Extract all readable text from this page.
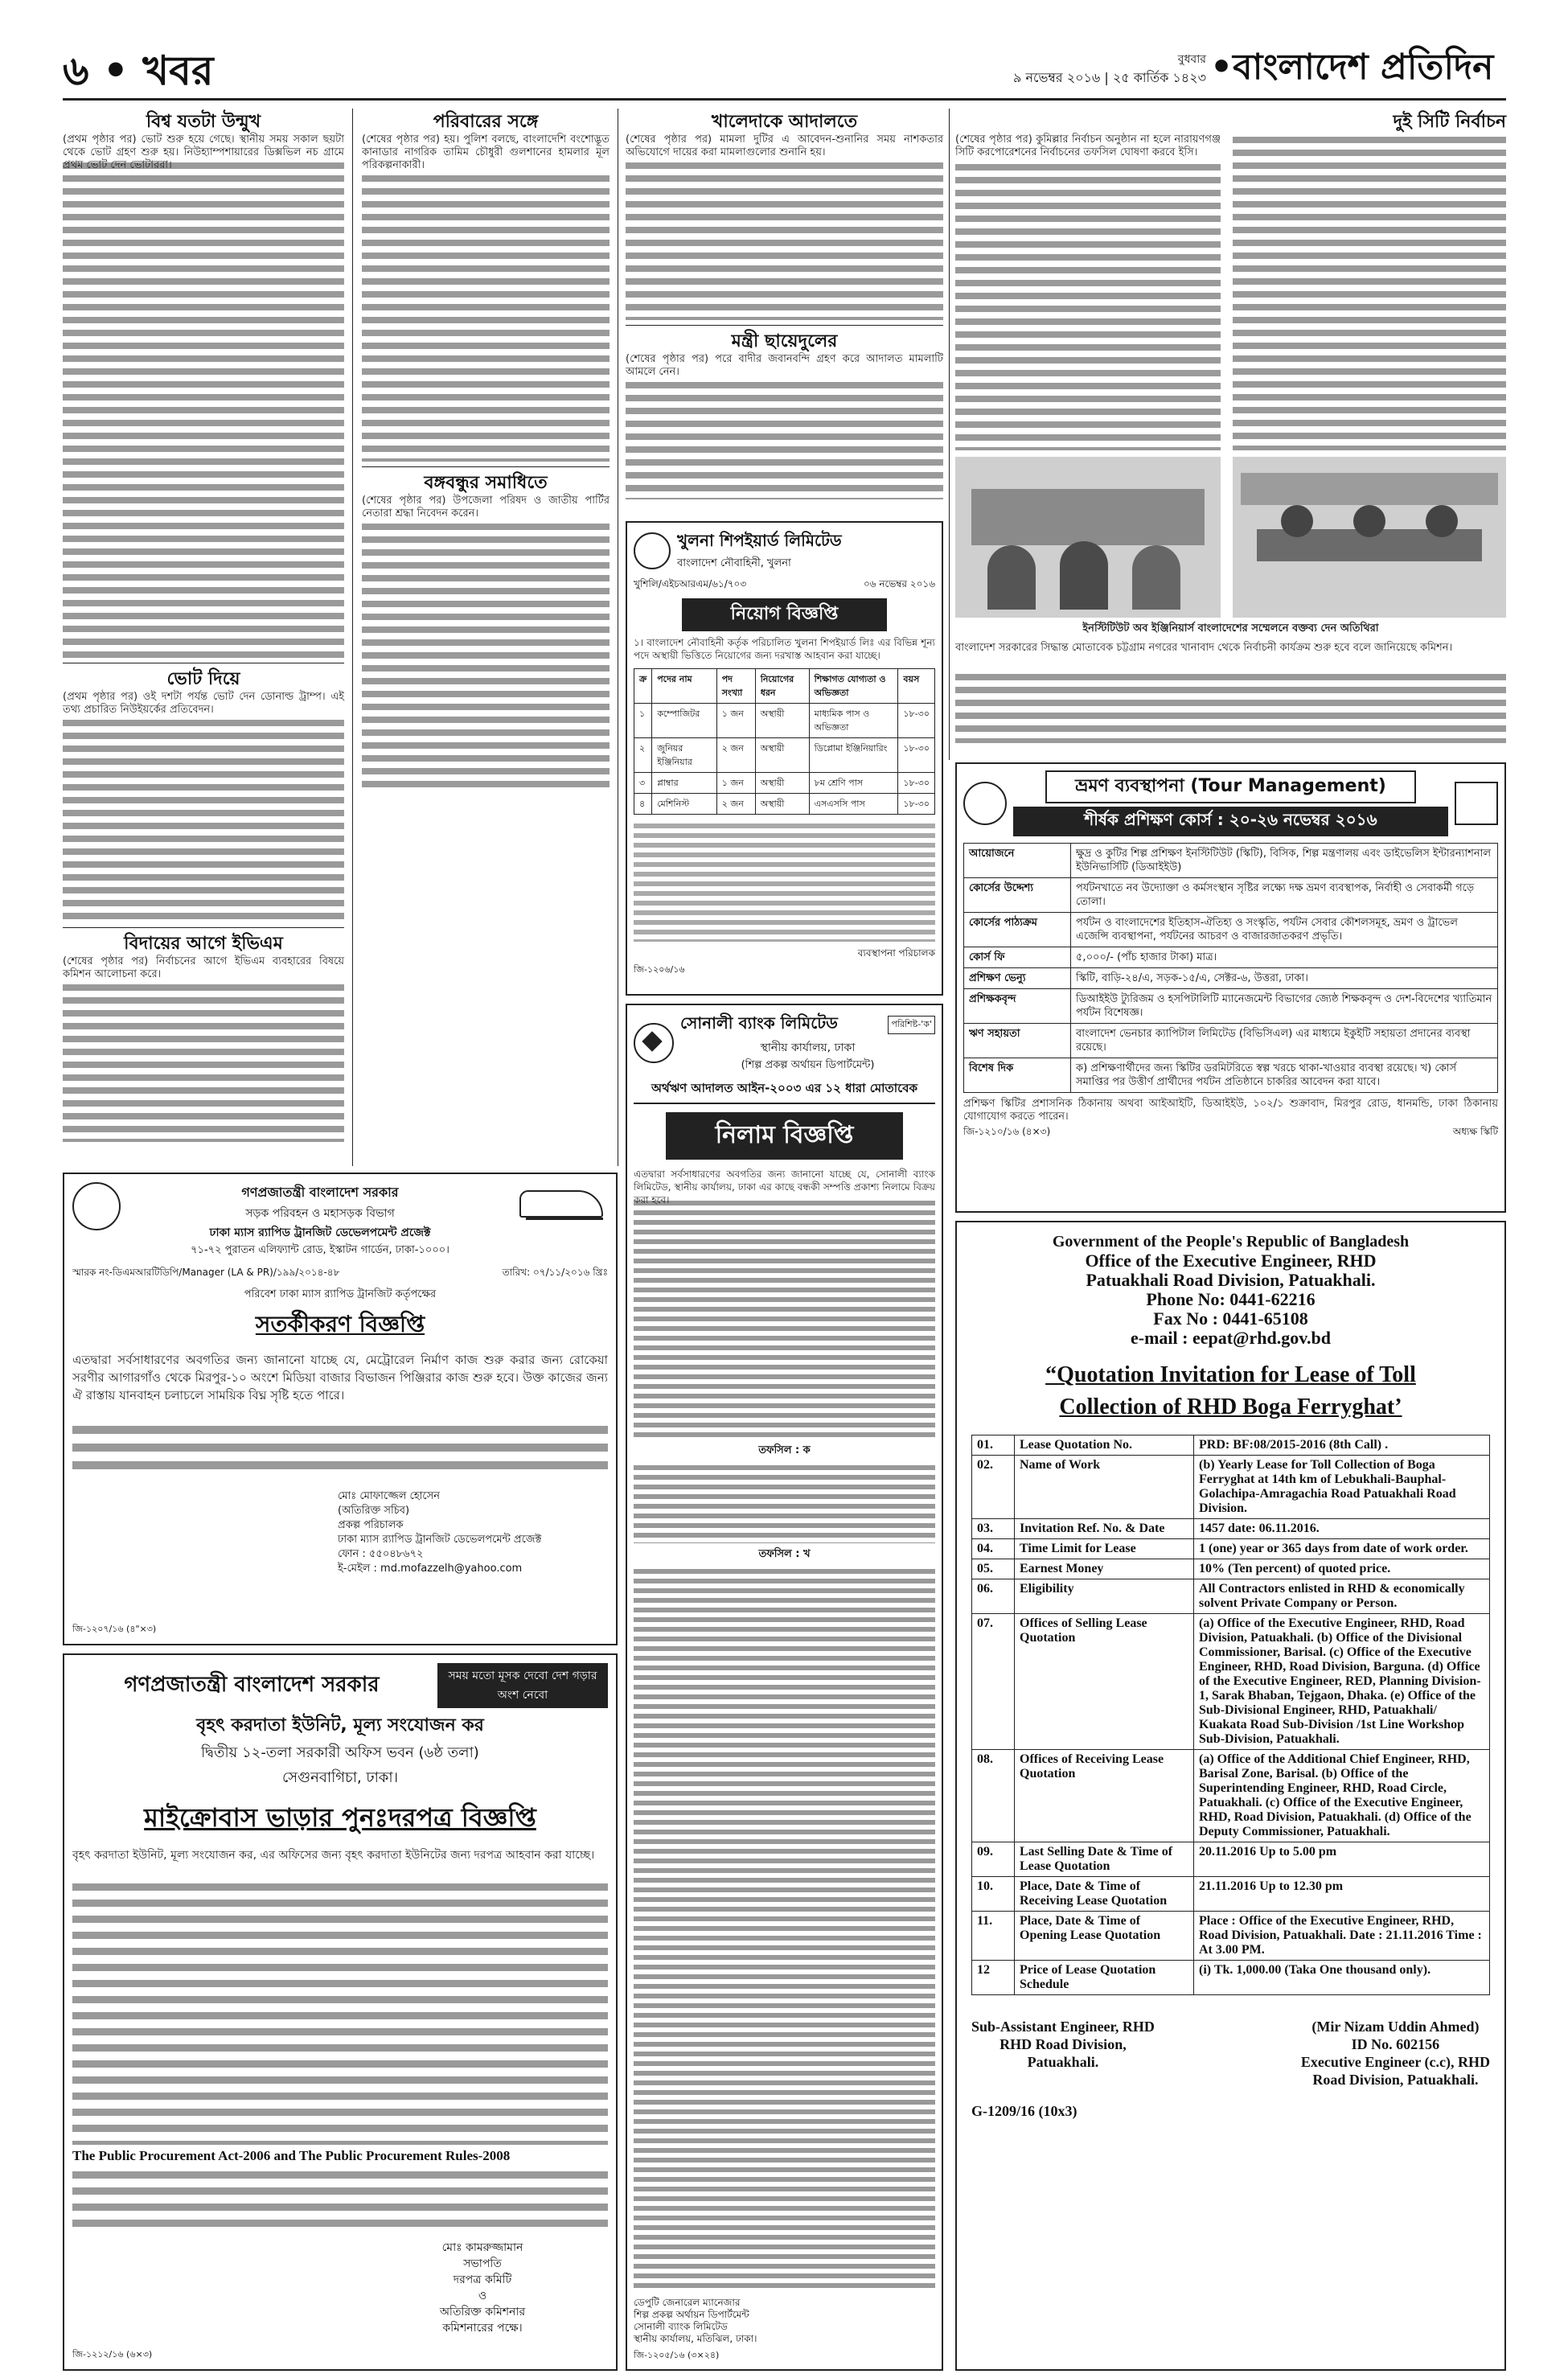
৬ • খবর	বুধবার
৯ নভেম্বর ২০১৬ | ২৫ কার্তিক ১৪২৩ •বাংলাদেশ প্রতিদিন
বিশ্ব যতটা উন্মুখ
(প্রথম পৃষ্ঠার পর) ভোট শুরু হয়ে গেছে। স্থানীয় সময় সকাল ছয়টা থেকে ভোট গ্রহণ শুরু হয়। নিউহ্যাম্পশায়ারের ডিক্সভিল নচ গ্রামে প্রথম ভোট দেন ভোটাররা।
ভোট দিয়ে
(প্রথম পৃষ্ঠার পর) ওই দশটা পর্যন্ত ভোট দেন ডোনাল্ড ট্রাম্প। এই তথ্য প্রচারিত নিউইয়র্কের প্রতিবেদন।
বিদায়ের আগে ইভিএম
(শেষের পৃষ্ঠার পর) নির্বাচনের আগে ইভিএম ব্যবহারের বিষয়ে কমিশন আলোচনা করে।
পরিবারের সঙ্গে
(শেষের পৃষ্ঠার পর) হয়। পুলিশ বলছে, বাংলাদেশি বংশোদ্ভূত কানাডার নাগরিক তামিম চৌধুরী গুলশানের হামলার মূল পরিকল্পনাকারী।
বঙ্গবন্ধুর সমাধিতে
(শেষের পৃষ্ঠার পর) উপজেলা পরিষদ ও জাতীয় পার্টির নেতারা শ্রদ্ধা নিবেদন করেন।
খালেদাকে আদালতে
(শেষের পৃষ্ঠার পর) মামলা দুটির এ আবেদন-শুনানির সময় নাশকতার অভিযোগে দায়ের করা মামলাগুলোর শুনানি হয়।
মন্ত্রী ছায়েদুলের
(শেষের পৃষ্ঠার পর) পরে বাদীর জবানবন্দি গ্রহণ করে আদালত মামলাটি আমলে নেন।
দুই সিটি নির্বাচন
(শেষের পৃষ্ঠার পর) কুমিল্লার নির্বাচন অনুষ্ঠান না হলে নারায়ণগঞ্জ সিটি করপোরেশনের নির্বাচনের তফসিল ঘোষণা করবে ইসি।
ইনস্টিটিউট অব ইঞ্জিনিয়ার্স বাংলাদেশের সম্মেলনে বক্তব্য দেন অতিথিরা
বাংলাদেশ সরকারের সিদ্ধান্ত মোতাবেক চট্টগ্রাম নগরের খানাবাদ থেকে নির্বাচনী কার্যক্রম শুরু হবে বলে জানিয়েছে কমিশন।
খুলনা শিপইয়ার্ড লিমিটেড
বাংলাদেশ নৌবাহিনী, খুলনা
খুশিলি/এইচআরএম/৬১/৭০৩	০৬ নভেম্বর ২০১৬
নিয়োগ বিজ্ঞপ্তি
১। বাংলাদেশ নৌবাহিনী কর্তৃক পরিচালিত খুলনা শিপইয়ার্ড লিঃ এর বিভিন্ন শূন্য পদে অস্থায়ী ভিত্তিতে নিয়োগের জন্য দরখাস্ত আহবান করা যাচ্ছে।
ক্র	পদের নাম	পদ সংখ্যা	নিয়োগের ধরন	শিক্ষাগত যোগ্যতা ও অভিজ্ঞতা	বয়স
১	কম্পোজিটর	১ জন	অস্থায়ী	মাধ্যমিক পাস ও অভিজ্ঞতা	১৮-৩০
২	জুনিয়র ইঞ্জিনিয়ার	২ জন	অস্থায়ী	ডিপ্লোমা ইঞ্জিনিয়ারিং	১৮-৩০
৩	প্লাম্বার	১ জন	অস্থায়ী	৮ম শ্রেণি পাস	১৮-৩০
৪	মেশিনিস্ট	২ জন	অস্থায়ী	এসএসসি পাস	১৮-৩০
ব্যবস্থাপনা পরিচালক
জি-১২০৬/১৬
সোনালী ব্যাংক লিমিটেড	পরিশিষ্ট-'ক'
স্থানীয় কার্যালয়, ঢাকা
(শিল্প প্রকল্প অর্থায়ন ডিপার্টমেন্ট)
অর্থঋণ আদালত আইন-২০০৩ এর ১২ ধারা মোতাবেক
নিলাম বিজ্ঞপ্তি
এতদ্বারা সর্বসাধারণের অবগতির জন্য জানানো যাচ্ছে যে, সোনালী ব্যাংক লিমিটেড, স্থানীয় কার্যালয়, ঢাকা এর কাছে বন্ধকী সম্পত্তি প্রকাশ্য নিলামে বিক্রয় করা হবে।
তফসিল : ক
তফসিল : খ
ডেপুটি জেনারেল ম্যানেজার
শিল্প প্রকল্প অর্থায়ন ডিপার্টমেন্ট
সোনালী ব্যাংক লিমিটেড
স্থানীয় কার্যালয়, মতিঝিল, ঢাকা।
জি-১২০৫/১৬ (৩×২৪)
গণপ্রজাতন্ত্রী বাংলাদেশ সরকার
সড়ক পরিবহন ও মহাসড়ক বিভাগ
ঢাকা ম্যাস র‌্যাপিড ট্রানজিট ডেভেলপমেন্ট প্রজেক্ট
৭১-৭২ পুরাতন এলিফ্যান্ট রোড, ইস্কাটন গার্ডেন, ঢাকা-১০০০।
স্মারক নং-ডিএমআরটিডিপি/Manager (LA & PR)/১৯৯/২০১৪-৪৮	তারিখ: ০৭/১১/২০১৬ খ্রিঃ
পরিবেশ ঢাকা ম্যাস র‌্যাপিড ট্রানজিট কর্তৃপক্ষের
সতর্কীকরণ বিজ্ঞপ্তি
এতদ্বারা সর্বসাধারণের অবগতির জন্য জানানো যাচ্ছে যে, মেট্রোরেল নির্মাণ কাজ শুরু করার জন্য রোকেয়া সরণীর আগারগাঁও থেকে মিরপুর-১০ অংশে মিডিয়া বাজার বিভাজন পিঞ্জিরার কাজ শুরু হবে। উক্ত কাজের জন্য ঐ রাস্তায় যানবাহন চলাচলে সাময়িক বিঘ্ন সৃষ্টি হতে পারে।
মোঃ মোফাজ্জেল হোসেন
(অতিরিক্ত সচিব)
প্রকল্প পরিচালক
ঢাকা ম্যাস র‌্যাপিড ট্রানজিট ডেভেলপমেন্ট প্রজেক্ট
ফোন : ৫৫০৪৮৬৭২
ই-মেইল : md.mofazzelh@yahoo.com
জি-১২০৭/১৬ (৪"×৩)
গণপ্রজাতন্ত্রী বাংলাদেশ সরকার	সময় মতো মূসক দেবো দেশ গড়ার অংশ নেবো
বৃহৎ করদাতা ইউনিট, মূল্য সংযোজন কর
দ্বিতীয় ১২-তলা সরকারী অফিস ভবন (৬ষ্ঠ তলা)
সেগুনবাগিচা, ঢাকা।
মাইক্রোবাস ভাড়ার পুনঃদরপত্র বিজ্ঞপ্তি
বৃহৎ করদাতা ইউনিট, মূল্য সংযোজন কর, এর অফিসের জন্য বৃহৎ করদাতা ইউনিটের জন্য দরপত্র আহবান করা যাচ্ছে।
The Public Procurement Act-2006 and The Public Procurement Rules-2008
মোঃ কামরুজ্জামান
সভাপতি
দরপত্র কমিটি
ও
অতিরিক্ত কমিশনার
কমিশনারের পক্ষে।
জি-১২১২/১৬ (৬×৩)
ভ্রমণ ব্যবস্থাপনা (Tour Management)
শীর্ষক প্রশিক্ষণ কোর্স : ২০-২৬ নভেম্বর ২০১৬
আয়োজনে	ক্ষুদ্র ও কুটির শিল্প প্রশিক্ষণ ইনস্টিটিউট (স্কিটি), বিসিক, শিল্প মন্ত্রণালয় এবং ডাইভেলিস ইন্টারন্যাশনাল ইউনিভার্সিটি (ডিআইইউ)
কোর্সের উদ্দেশ্য	পর্যটনখাতে নব উদ্যোক্তা ও কর্মসংস্থান সৃষ্টির লক্ষ্যে দক্ষ ভ্রমণ ব্যবস্থাপক, নির্বাহী ও সেবাকর্মী গড়ে তোলা।
কোর্সের পাঠ্যক্রম	পর্যটন ও বাংলাদেশের ইতিহাস-ঐতিহ্য ও সংস্কৃতি, পর্যটন সেবার কৌশলসমূহ, ভ্রমণ ও ট্রাভেল এজেন্সি ব্যবস্থাপনা, পর্যটনের আচরণ ও বাজারজাতকরণ প্রভৃতি।
কোর্স ফি	৫,০০০/- (পাঁচ হাজার টাকা) মাত্র।
প্রশিক্ষণ ভেন্যু	স্কিটি, বাড়ি-২৪/এ, সড়ক-১৫/এ, সেক্টর-৬, উত্তরা, ঢাকা।
প্রশিক্ষকবৃন্দ	ডিআইইউ ট্যুরিজম ও হসপিটালিটি ম্যানেজমেন্ট বিভাগের জ্যেষ্ঠ শিক্ষকবৃন্দ ও দেশ-বিদেশের খ্যাতিমান পর্যটন বিশেষজ্ঞ।
ঋণ সহায়তা	বাংলাদেশ ভেনচার ক্যাপিটাল লিমিটেড (বিভিসিএল) এর মাধ্যমে ইকুইটি সহায়তা প্রদানের ব্যবস্থা রয়েছে।
বিশেষ দিক	ক) প্রশিক্ষণার্থীদের জন্য স্কিটির ডরমিটরিতে স্বল্প খরচে থাকা-খাওয়ার ব্যবস্থা রয়েছে। খ) কোর্স সমাপ্তির পর উত্তীর্ণ প্রার্থীদের পর্যটন প্রতিষ্ঠানে চাকরির আবেদন করা যাবে।
প্রশিক্ষণ স্কিটির প্রশাসনিক ঠিকানায় অথবা আইআইটি, ডিআইইউ, ১০২/১ শুক্রাবাদ, মিরপুর রোড, ধানমন্ডি, ঢাকা ঠিকানায় যোগাযোগ করতে পারেন।
জি-১২১০/১৬ (৪×৩)	অধ্যক্ষ স্কিটি
Government of the People's Republic of Bangladesh
Office of the Executive Engineer, RHD
Patuakhali Road Division, Patuakhali.
Phone No: 0441-62216
Fax No : 0441-65108
e-mail : eepat@rhd.gov.bd
“Quotation Invitation for Lease of Toll
Collection of RHD Boga Ferryghat’
01.	Lease Quotation No.	PRD: BF:08/2015-2016 (8th Call) .
02.	Name of Work	(b) Yearly Lease for Toll Collection of Boga Ferryghat at 14th km of Lebukhali-Bauphal-Golachipa-Amragachia Road Patuakhali Road Division.
03.	Invitation Ref. No. & Date	1457 date: 06.11.2016.
04.	Time Limit for Lease	1 (one) year or 365 days from date of work order.
05.	Earnest Money	10% (Ten percent) of quoted price.
06.	Eligibility	All Contractors enlisted in RHD & economically solvent Private Company or Person.
07.	Offices of Selling Lease Quotation	(a) Office of the Executive Engineer, RHD, Road Division, Patuakhali. (b) Office of the Divisional Commissioner, Barisal. (c) Office of the Executive Engineer, RHD, Road Division, Barguna. (d) Office of the Executive Engineer, RED, Planning Division-1, Sarak Bhaban, Tejgaon, Dhaka. (e) Office of the Sub-Divisional Engineer, RHD, Patuakhali/ Kuakata Road Sub-Division /1st Line Workshop Sub-Division, Patuakhali.
08.	Offices of Receiving Lease Quotation	(a) Office of the Additional Chief Engineer, RHD, Barisal Zone, Barisal. (b) Office of the Superintending Engineer, RHD, Road Circle, Patuakhali. (c) Office of the Executive Engineer, RHD, Road Division, Patuakhali. (d) Office of the Deputy Commissioner, Patuakhali.
09.	Last Selling Date & Time of Lease Quotation	20.11.2016 Up to 5.00 pm
10.	Place, Date & Time of Receiving Lease Quotation	21.11.2016 Up to 12.30 pm
11.	Place, Date & Time of Opening Lease Quotation	Place : Office of the Executive Engineer, RHD, Road Division, Patuakhali. Date : 21.11.2016 Time : At 3.00 PM.
12	Price of Lease Quotation Schedule	(i) Tk. 1,000.00 (Taka One thousand only).
Sub-Assistant Engineer, RHD
RHD Road Division,
Patuakhali.
(Mir Nizam Uddin Ahmed)
ID No. 602156
Executive Engineer (c.c), RHD
Road Division, Patuakhali.
G-1209/16 (10x3)
